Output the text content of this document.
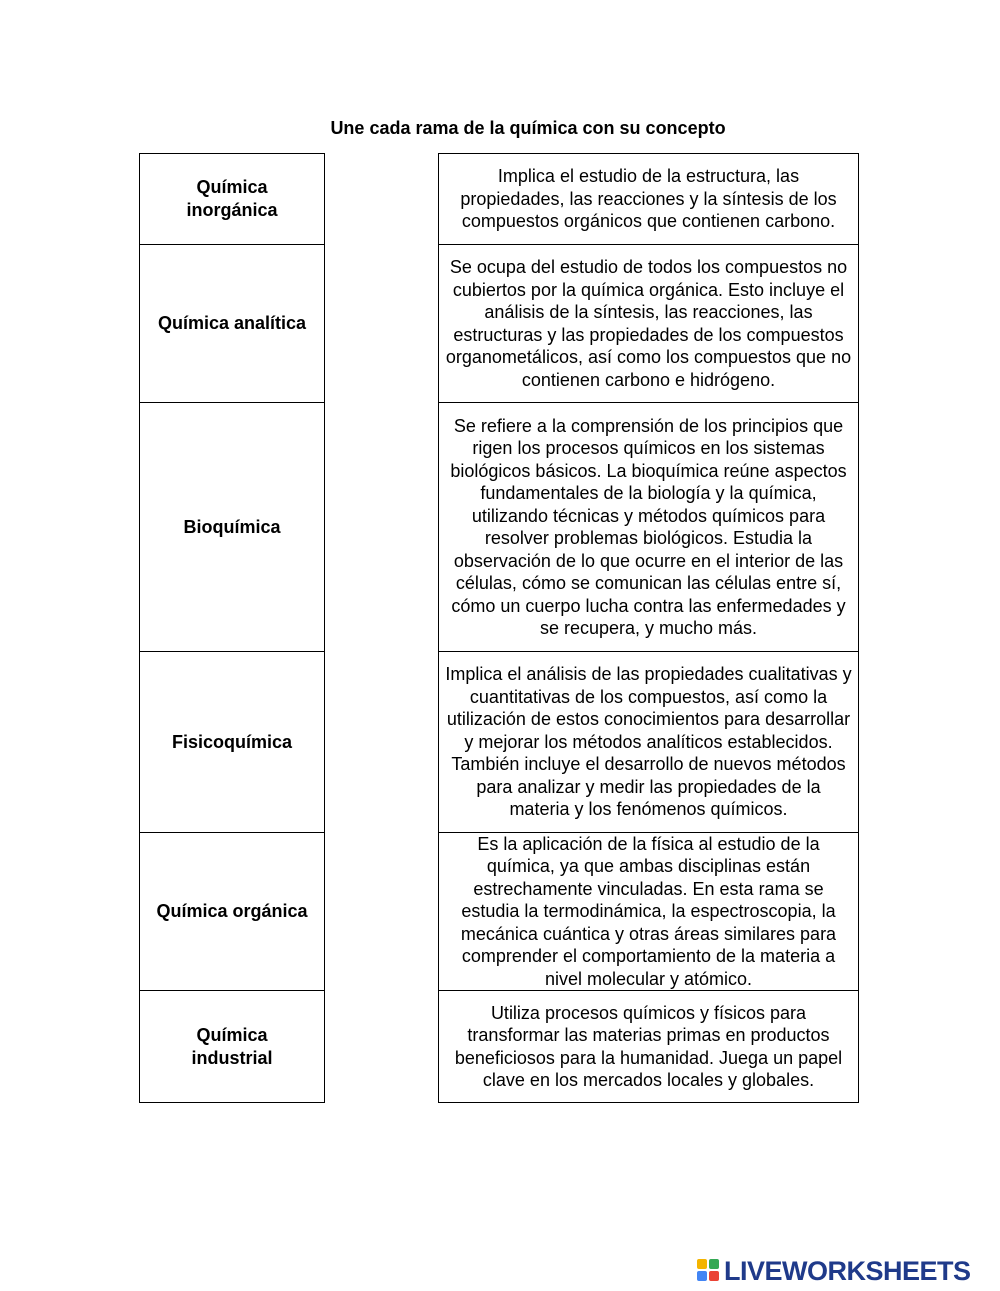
Une cada rama de la química con su concepto
Química inorgánica
Química analítica
Bioquímica
Fisicoquímica
Química orgánica
Química industrial
Implica el estudio de la estructura, las propiedades, las reacciones y la síntesis de los compuestos orgánicos que contienen carbono.
Se ocupa del estudio de todos los compuestos no cubiertos por la química orgánica. Esto incluye el análisis de la síntesis, las reacciones, las estructuras y las propiedades de los compuestos organometálicos, así como los compuestos que no contienen carbono e hidrógeno.
Se refiere a la comprensión de los principios que rigen los procesos químicos en los sistemas biológicos básicos. La bioquímica reúne aspectos fundamentales de la biología y la química, utilizando técnicas y métodos químicos para resolver problemas biológicos. Estudia la observación de lo que ocurre en el interior de las células, cómo se comunican las células entre sí, cómo un cuerpo lucha contra las enfermedades y se recupera, y mucho más.
Implica el análisis de las propiedades cualitativas y cuantitativas de los compuestos, así como la utilización de estos conocimientos para desarrollar y mejorar los métodos analíticos establecidos. También incluye el desarrollo de nuevos métodos para analizar y medir las propiedades de la materia y los fenómenos químicos.
Es la aplicación de la física al estudio de la química, ya que ambas disciplinas están estrechamente vinculadas. En esta rama se estudia la termodinámica, la espectroscopia, la mecánica cuántica y otras áreas similares para comprender el comportamiento de la materia a nivel molecular y atómico.
Utiliza procesos químicos y físicos para transformar las materias primas en productos beneficiosos para la humanidad. Juega un papel clave en los mercados locales y globales.
LIVEWORKSHEETS
